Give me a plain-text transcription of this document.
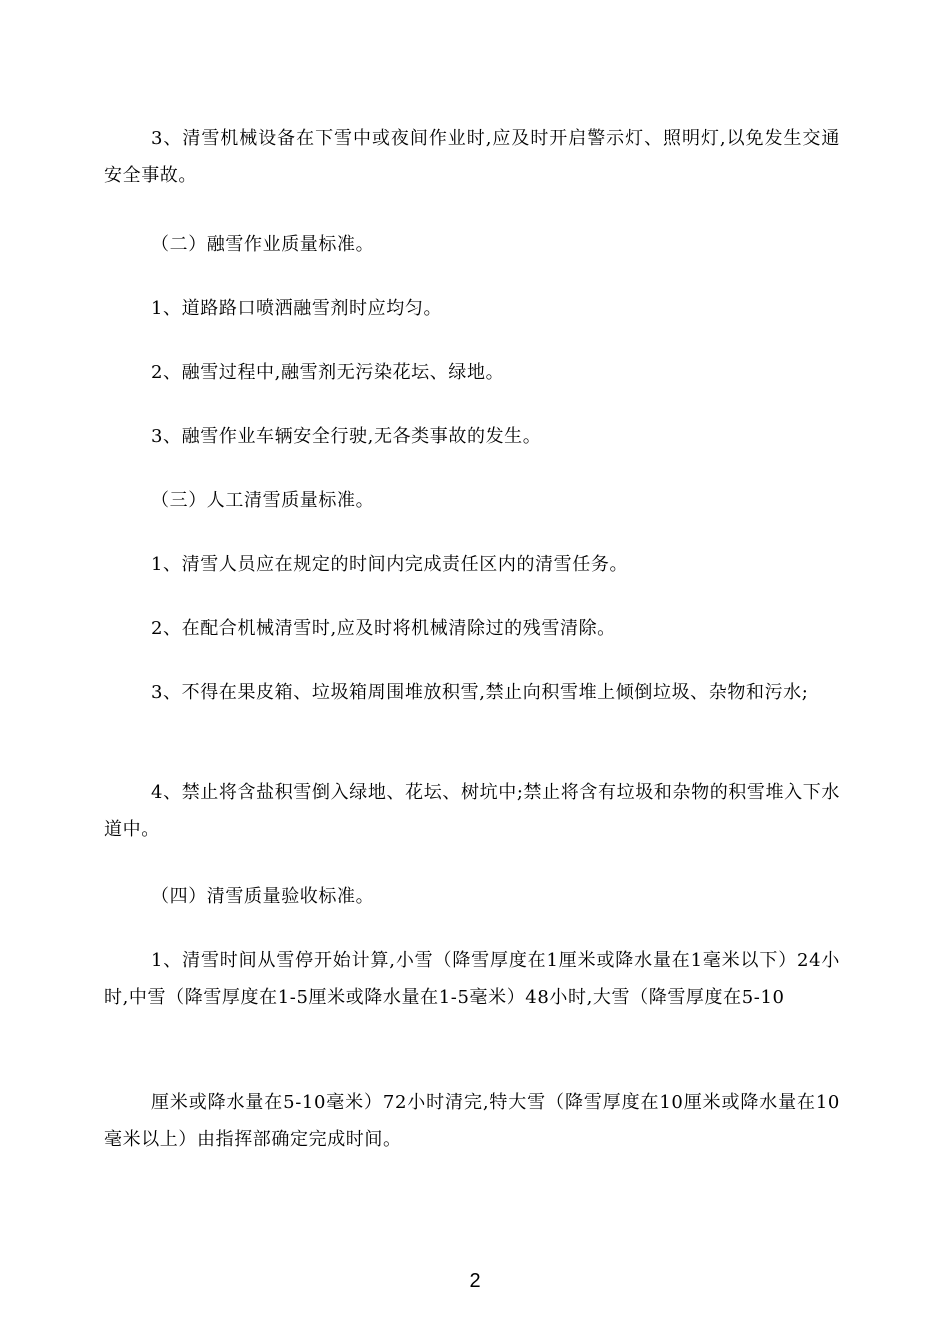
3、清雪机械设备在下雪中或夜间作业时,应及时开启警示灯、照明灯,以免发生交通安全事故。

（二）融雪作业质量标准。

1、道路路口喷洒融雪剂时应均匀。

2、融雪过程中,融雪剂无污染花坛、绿地。

3、融雪作业车辆安全行驶,无各类事故的发生。

（三）人工清雪质量标准。

1、清雪人员应在规定的时间内完成责任区内的清雪任务。

2、在配合机械清雪时,应及时将机械清除过的残雪清除。

3、不得在果皮箱、垃圾箱周围堆放积雪,禁止向积雪堆上倾倒垃圾、杂物和污水;

4、禁止将含盐积雪倒入绿地、花坛、树坑中;禁止将含有垃圾和杂物的积雪堆入下水道中。

（四）清雪质量验收标准。

1、清雪时间从雪停开始计算,小雪（降雪厚度在1厘米或降水量在1毫米以下）24小时,中雪（降雪厚度在1-5厘米或降水量在1-5毫米）48小时,大雪（降雪厚度在5-10

厘米或降水量在5-10毫米）72小时清完,特大雪（降雪厚度在10厘米或降水量在10毫米以上）由指挥部确定完成时间。

2
